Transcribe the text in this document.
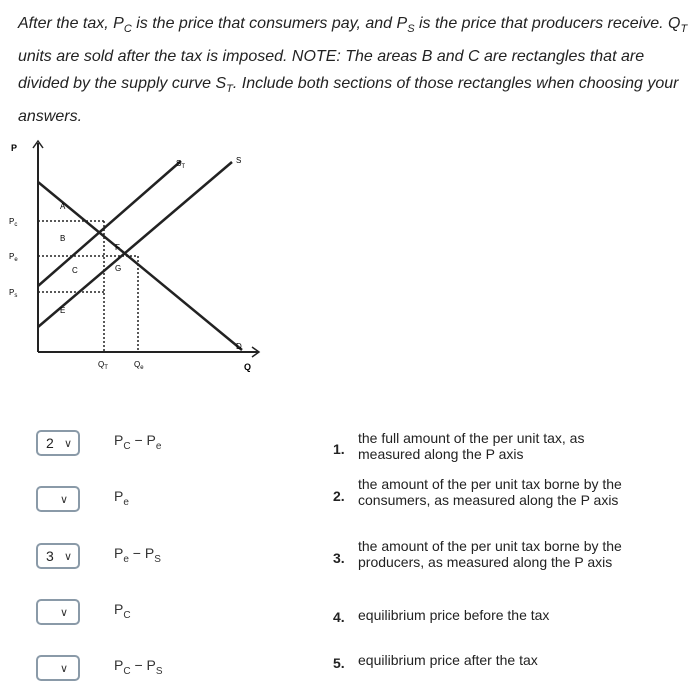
After the tax, $P_C$ is the price that consumers pay, and $P_S$ is the price that producers receive. $Q_T$ units are sold after the tax is imposed. NOTE: The areas B and C are rectangles that are divided by the supply curve $S_T$. Include both sections of those rectangles when choosing your answers.
P
Q
$P_c$
$P_e$
$P_s$
$Q_T$	$Q_e$
$S_T$
S
D
A
B
C
E
F
G
2 ∨	$P_C - P_e$
∨	$P_e$
3 ∨	$P_e - P_S$
∨	$P_C$
∨	$P_C - P_S$
1.
the full amount of the per unit tax, as measured along the P axis
2.
the amount of the per unit tax borne by the consumers, as measured along the P axis
3.
the amount of the per unit tax borne by the producers, as measured along the P axis
4. equilibrium price before the tax
5. equilibrium price after the tax
